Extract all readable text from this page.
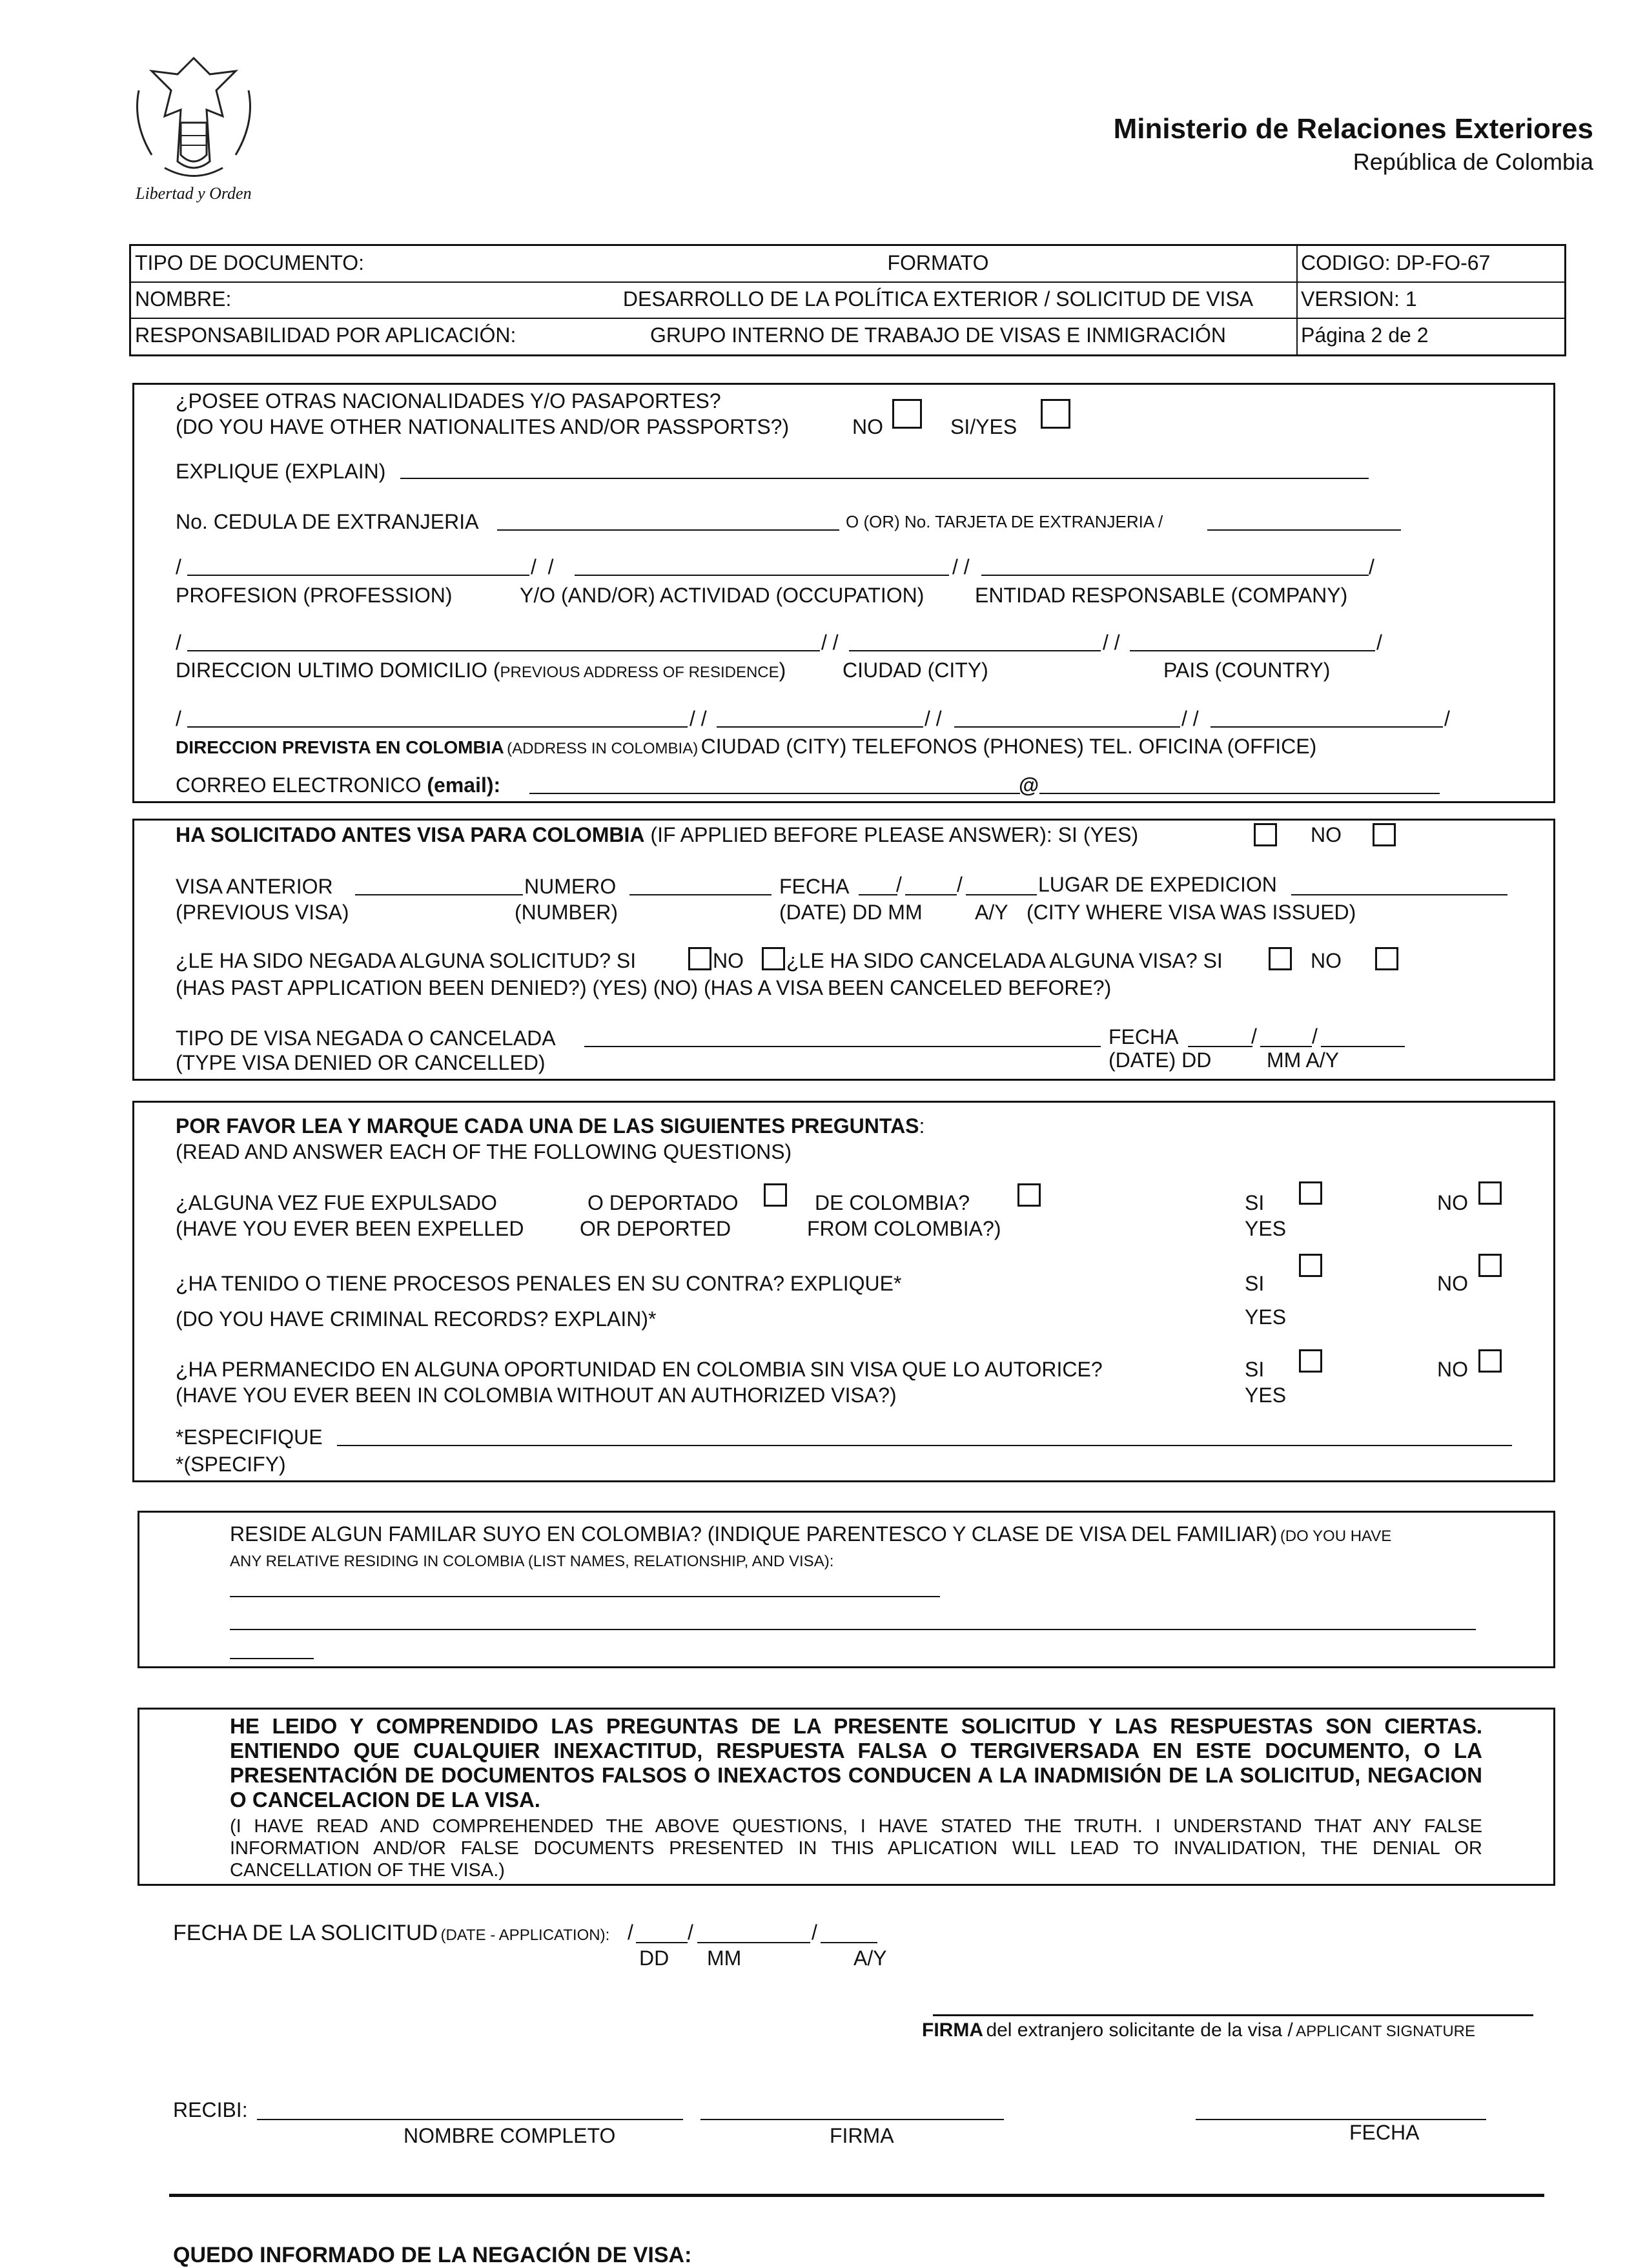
Libertad y Orden
Ministerio de Relaciones Exteriores
República de Colombia
TIPO DE DOCUMENTO:	FORMATO	CODIGO: DP-FO-67
NOMBRE:	DESARROLLO DE LA POLÍTICA EXTERIOR / SOLICITUD DE VISA	VERSION: 1
RESPONSABILIDAD POR APLICACIÓN:	GRUPO INTERNO DE TRABAJO DE VISAS E INMIGRACIÓN	Página 2 de 2
¿POSEE OTRAS NACIONALIDADES Y/O PASAPORTES?
(DO YOU HAVE OTHER NATIONALITES AND/OR PASSPORTS?)	NO	SI/YES
EXPLIQUE (EXPLAIN)
No. CEDULA DE EXTRANJERIA	O (OR) No. TARJETA DE EXTRANJERIA /
/	/  /	/ /	/
PROFESION (PROFESSION)	Y/O (AND/OR) ACTIVIDAD (OCCUPATION) ENTIDAD RESPONSABLE (COMPANY)
/	/ /	/ /	/
DIRECCION ULTIMO DOMICILIO (PREVIOUS ADDRESS OF RESIDENCE)	CIUDAD (CITY)	PAIS (COUNTRY)
/	/ /	/ /	/ /	/
DIRECCION PREVISTA EN COLOMBIA (ADDRESS IN COLOMBIA) CIUDAD (CITY) TELEFONOS (PHONES) TEL. OFICINA (OFFICE)
CORREO ELECTRONICO (email):	@
HA SOLICITADO ANTES VISA PARA COLOMBIA (IF APPLIED BEFORE PLEASE ANSWER): SI (YES)	NO
VISA ANTERIOR	NUMERO	FECHA /	/	LUGAR DE EXPEDICION
(PREVIOUS VISA)	(NUMBER)	(DATE) DD MM	A/Y (CITY WHERE VISA WAS ISSUED)
¿LE HA SIDO NEGADA ALGUNA SOLICITUD? SI	NO ¿LE HA SIDO CANCELADA ALGUNA VISA? SI	NO
(HAS PAST APPLICATION BEEN DENIED?) (YES) (NO) (HAS A VISA BEEN CANCELED BEFORE?)
TIPO DE VISA NEGADA O CANCELADA	FECHA	/	/
(TYPE VISA DENIED OR CANCELLED)	(DATE) DD	MM A/Y
POR FAVOR LEA Y MARQUE CADA UNA DE LAS SIGUIENTES PREGUNTAS:
(READ AND ANSWER EACH OF THE FOLLOWING QUESTIONS)
¿ALGUNA VEZ FUE EXPULSADO	O DEPORTADO	DE COLOMBIA?
(HAVE YOU EVER BEEN EXPELLED	OR DEPORTED	FROM COLOMBIA?)
SI
YES
NO
¿HA TENIDO O TIENE PROCESOS PENALES EN SU CONTRA? EXPLIQUE*
(DO YOU HAVE CRIMINAL RECORDS? EXPLAIN)*
SI
YES
NO
¿HA PERMANECIDO EN ALGUNA OPORTUNIDAD EN COLOMBIA SIN VISA QUE LO AUTORICE?
(HAVE YOU EVER BEEN IN COLOMBIA WITHOUT AN AUTHORIZED VISA?)
SI
YES
NO
*ESPECIFIQUE
*(SPECIFY)
RESIDE ALGUN FAMILAR SUYO EN COLOMBIA? (INDIQUE PARENTESCO Y CLASE DE VISA DEL FAMILIAR) (DO YOU HAVE
ANY RELATIVE RESIDING IN COLOMBIA (LIST NAMES, RELATIONSHIP, AND VISA):
HE LEIDO Y COMPRENDIDO LAS PREGUNTAS DE LA PRESENTE SOLICITUD Y LAS RESPUESTAS SON CIERTAS. ENTIENDO QUE CUALQUIER INEXACTITUD, RESPUESTA FALSA O TERGIVERSADA EN ESTE DOCUMENTO, O LA PRESENTACIÓN DE DOCUMENTOS FALSOS O INEXACTOS CONDUCEN A LA INADMISIÓN DE LA SOLICITUD, NEGACION O CANCELACION DE LA VISA.
(I HAVE READ AND COMPREHENDED THE ABOVE QUESTIONS, I HAVE STATED THE TRUTH. I UNDERSTAND THAT ANY FALSE INFORMATION AND/OR FALSE DOCUMENTS PRESENTED IN THIS APLICATION WILL LEAD TO INVALIDATION, THE DENIAL OR CANCELLATION OF THE VISA.)
FECHA DE LA SOLICITUD (DATE - APPLICATION): /	/	/
DD MM	A/Y
FIRMA del extranjero solicitante de la visa / APPLICANT SIGNATURE
RECIBI:
NOMBRE COMPLETO	FIRMA	FECHA
QUEDO INFORMADO DE LA NEGACIÓN DE VISA:
